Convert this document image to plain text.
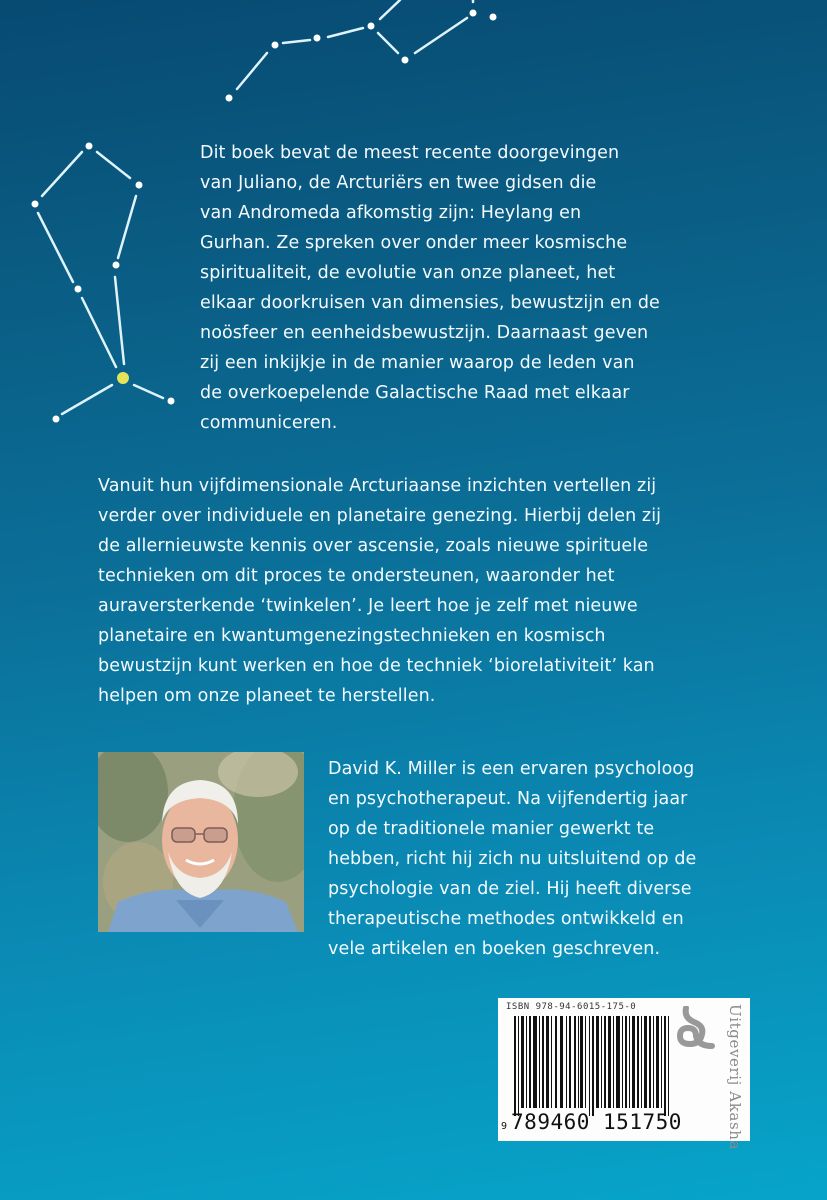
Dit boek bevat de meest recente doorgevingen
van Juliano, de Arcturiërs en twee gidsen die
van Andromeda afkomstig zijn: Heylang en
Gurhan. Ze spreken over onder meer kosmische
spiritualiteit, de evolutie van onze planeet, het
elkaar doorkruisen van dimensies, bewustzijn en de
noösfeer en eenheidsbewustzijn. Daarnaast geven
zij een inkijkje in de manier waarop de leden van
de overkoepelende Galactische Raad met elkaar
communiceren.

Vanuit hun vijfdimensionale Arcturiaanse inzichten vertellen zij
verder over individuele en planetaire genezing. Hierbij delen zij
de allernieuwste kennis over ascensie, zoals nieuwe spirituele
technieken om dit proces te ondersteunen, waaronder het
auraversterkende ‘twinkelen’. Je leert hoe je zelf met nieuwe
planetaire en kwantumgenezingstechnieken en kosmisch
bewustzijn kunt werken en hoe de techniek ‘biorelativiteit’ kan
helpen om onze planeet te herstellen.

David K. Miller is een ervaren psycholoog
en psychotherapeut. Na vijfendertig jaar
op de traditionele manier gewerkt te
hebben, richt hij zich nu uitsluitend op de
psychologie van de ziel. Hij heeft diverse
therapeutische methodes ontwikkeld en
vele artikelen en boeken geschreven.

ISBN 978-94-6015-175-0
9 789460 151750	Uitgeverij Akasha
